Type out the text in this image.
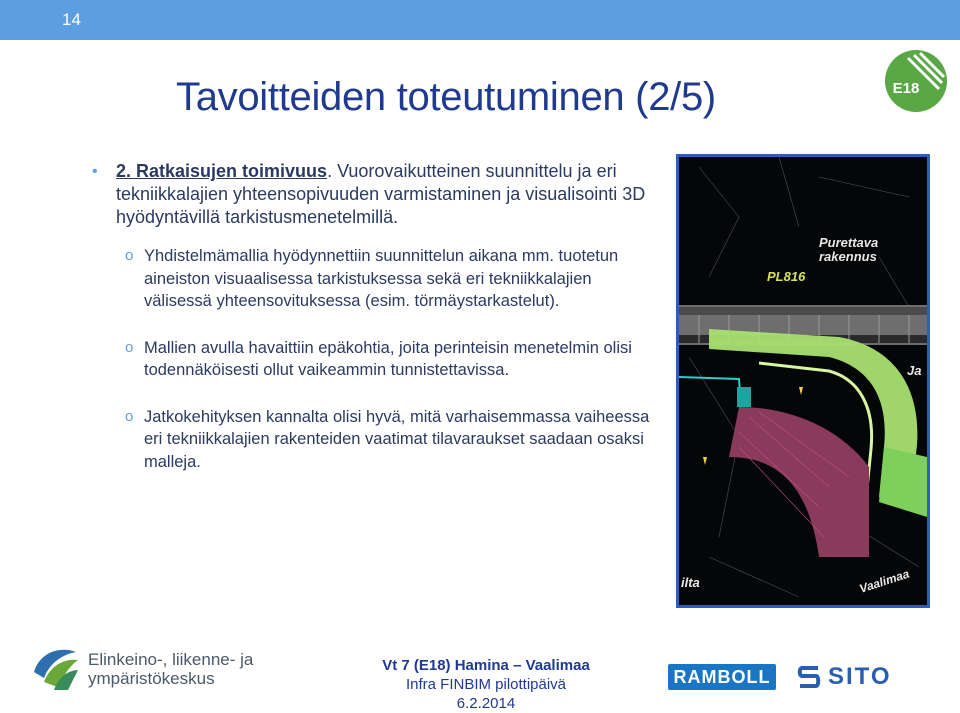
14
Tavoitteiden toteutuminen (2/5)	E18
• 2. Ratkaisujen toimivuus. Vuorovaikutteinen suunnittelu ja eri tekniikkalajien yhteensopivuuden varmistaminen ja visualisointi 3D hyödyntävillä tarkistusmenetelmillä.
o Yhdistelmämallia hyödynnettiin suunnittelun aikana mm. tuotetun aineiston visuaalisessa tarkistuksessa sekä eri tekniikkalajien välisessä yhteensovituksessa (esim. törmäystarkastelut).
o Mallien avulla havaittiin epäkohtia, joita perinteisin menetelmin olisi todennäköisesti ollut vaikeammin tunnistettavissa.
o Jatkokehityksen kannalta olisi hyvä, mitä varhaisemmassa vaiheessa eri tekniikkalajien rakenteiden vaatimat tilavaraukset saadaan osaksi malleja.
Purettava
rakennus
PL816
Ja
ilta	Vaalimaa
Elinkeino-, liikenne- ja
ympäristökeskus
Vt 7 (E18) Hamina – Vaalimaa
Infra FINBIM pilottipäivä 6.2.2014
RAMBOLL SITO
